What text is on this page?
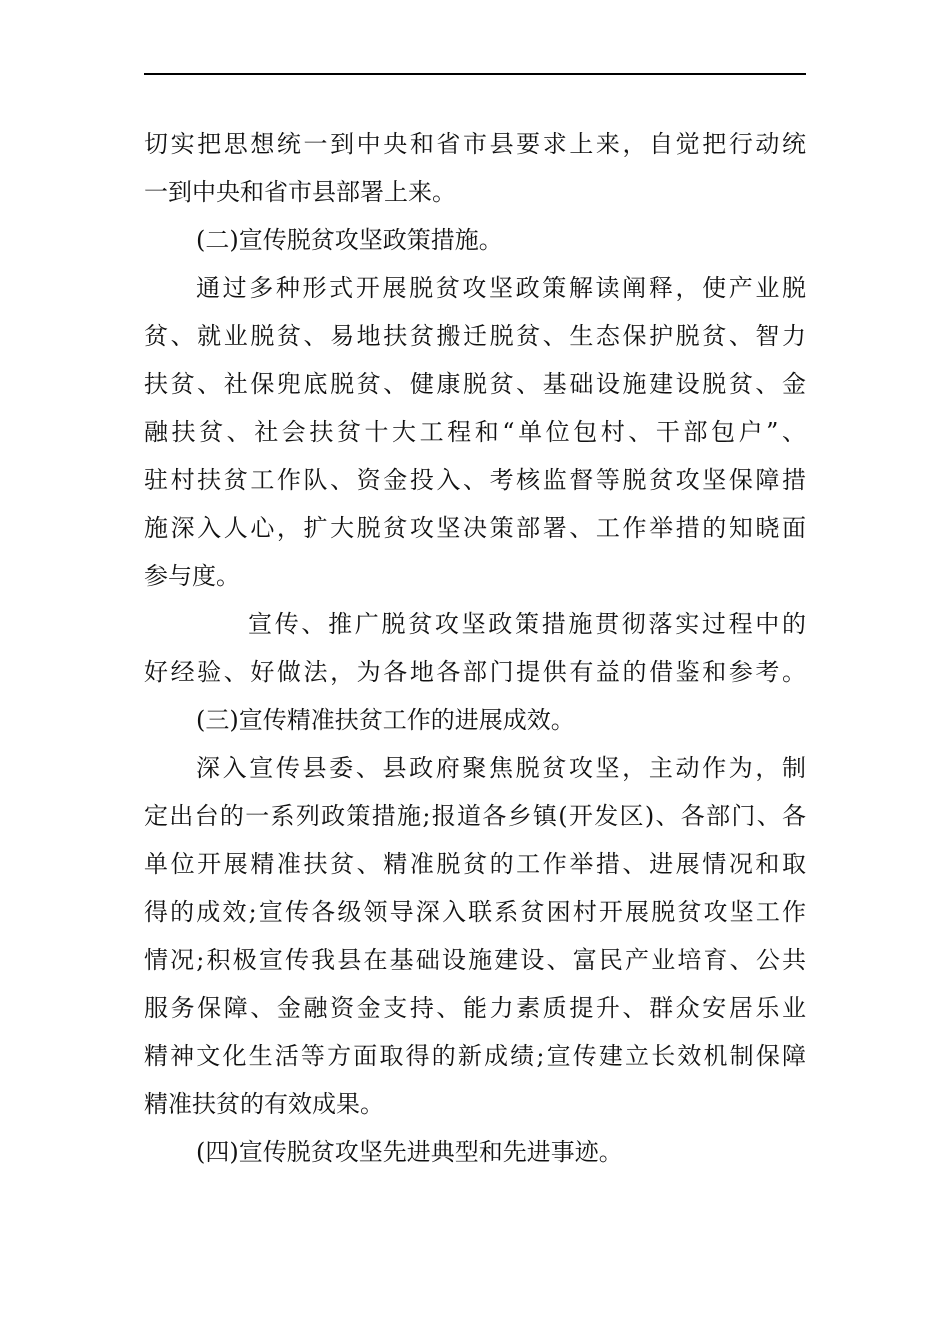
切实把思想统一到中央和省市县要求上来，自觉把行动统
一到中央和省市县部署上来。
(二)宣传脱贫攻坚政策措施。
通过多种形式开展脱贫攻坚政策解读阐释，使产业脱
贫、就业脱贫、易地扶贫搬迁脱贫、生态保护脱贫、智力
扶贫、社保兜底脱贫、健康脱贫、基础设施建设脱贫、金
融扶贫、社会扶贫十大工程和“单位包村、干部包户”、
驻村扶贫工作队、资金投入、考核监督等脱贫攻坚保障措
施深入人心，扩大脱贫攻坚决策部署、工作举措的知晓面
参与度。
宣传、推广脱贫攻坚政策措施贯彻落实过程中的
好经验、好做法，为各地各部门提供有益的借鉴和参考。
(三)宣传精准扶贫工作的进展成效。
深入宣传县委、县政府聚焦脱贫攻坚，主动作为，制
定出台的一系列政策措施;报道各乡镇(开发区)、各部门、各
单位开展精准扶贫、精准脱贫的工作举措、进展情况和取
得的成效;宣传各级领导深入联系贫困村开展脱贫攻坚工作
情况;积极宣传我县在基础设施建设、富民产业培育、公共
服务保障、金融资金支持、能力素质提升、群众安居乐业
精神文化生活等方面取得的新成绩;宣传建立长效机制保障
精准扶贫的有效成果。
(四)宣传脱贫攻坚先进典型和先进事迹。
